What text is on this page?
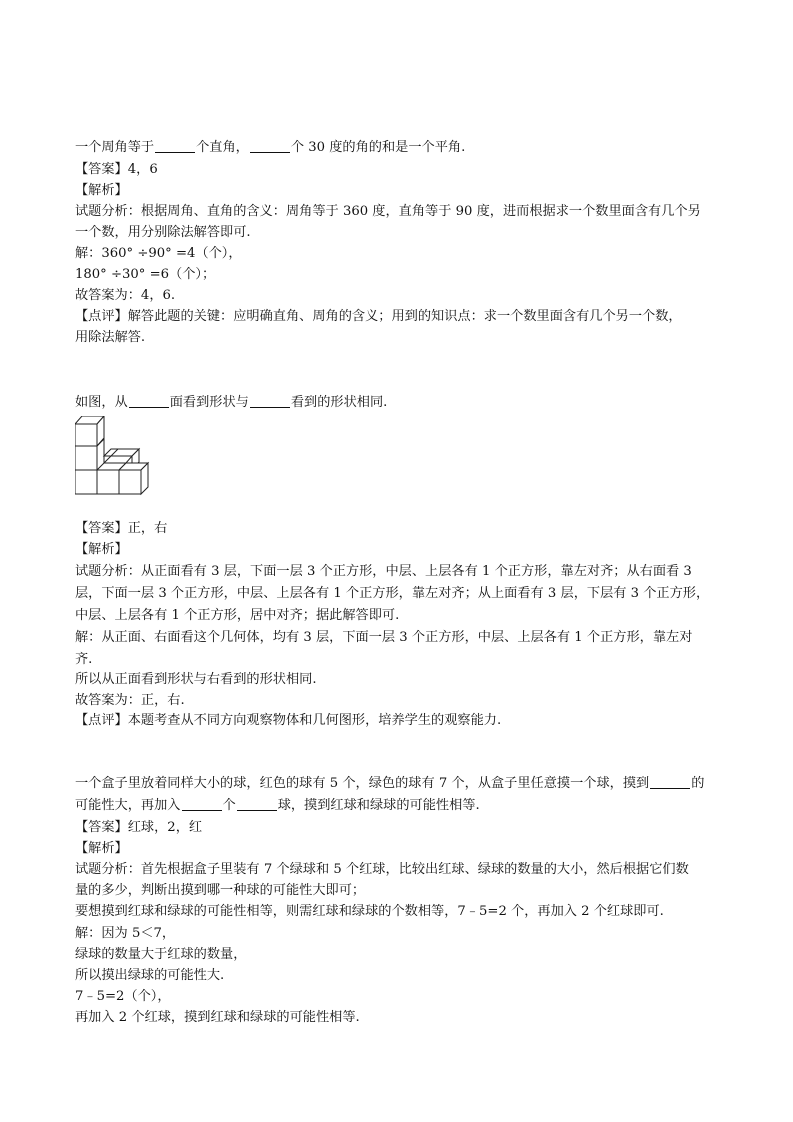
一个周角等于	个直角，	个 30 度的角的和是一个平角.
【答案】4，6
【解析】
试题分析：根据周角、直角的含义：周角等于 360 度，直角等于 90 度，进而根据求一个数里面含有几个另
一个数，用分别除法解答即可.
解：360° ÷90° =4（个），
180° ÷30° =6（个）；
故答案为：4，6.
【点评】解答此题的关键：应明确直角、周角的含义；用到的知识点：求一个数里面含有几个另一个数，
用除法解答.
如图，从	面看到形状与	看到的形状相同.
【答案】正，右
【解析】
试题分析：从正面看有 3 层，下面一层 3 个正方形，中层、上层各有 1 个正方形，靠左对齐；从右面看 3
层，下面一层 3 个正方形，中层、上层各有 1 个正方形，靠左对齐；从上面看有 3 层，下层有 3 个正方形，
中层、上层各有 1 个正方形，居中对齐；据此解答即可.
解：从正面、右面看这个几何体，均有 3 层，下面一层 3 个正方形，中层、上层各有 1 个正方形，靠左对
齐.
所以从正面看到形状与右看到的形状相同.
故答案为：正，右.
【点评】本题考查从不同方向观察物体和几何图形，培养学生的观察能力.
一个盒子里放着同样大小的球，红色的球有 5 个，绿色的球有 7 个，从盒子里任意摸一个球，摸到	的
可能性大，再加入	个	球，摸到红球和绿球的可能性相等.
【答案】红球，2，红
【解析】
试题分析：首先根据盒子里装有 7 个绿球和 5 个红球，比较出红球、绿球的数量的大小，然后根据它们数
量的多少，判断出摸到哪一种球的可能性大即可；
要想摸到红球和绿球的可能性相等，则需红球和绿球的个数相等，7﹣5=2 个，再加入 2 个红球即可.
解：因为 5＜7，
绿球的数量大于红球的数量，
所以摸出绿球的可能性大.
7﹣5=2（个），
再加入 2 个红球，摸到红球和绿球的可能性相等.
